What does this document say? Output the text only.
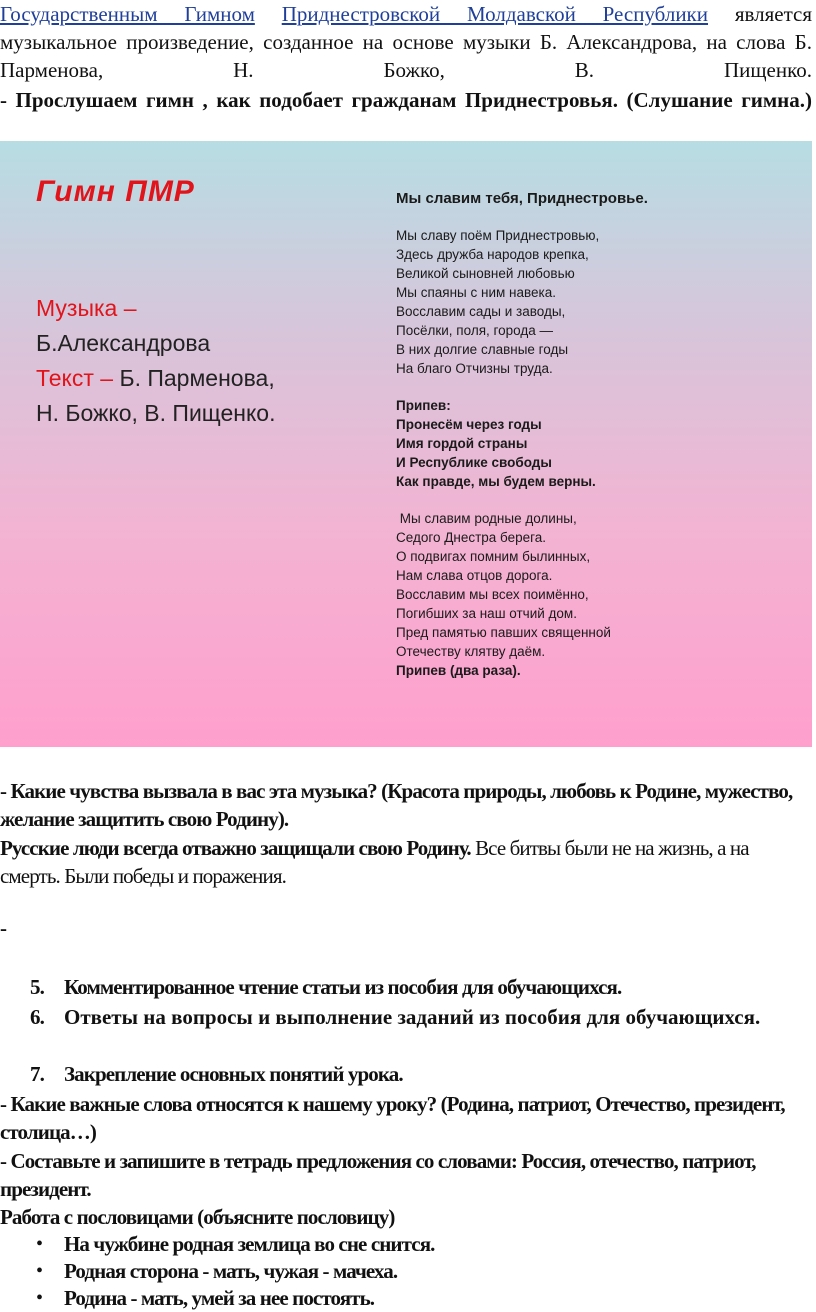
Государственным Гимном Приднестровской Молдавской Республики является музыкальное произведение, созданное на основе музыки Б. Александрова, на слова Б. Парменова, Н. Божко, В. Пищенко.
- Прослушаем гимн , как подобает гражданам Приднестровья. (Слушание гимна.)
Гимн ПМР
Музыка –
Б.Александрова
Текст – Б. Парменова,
Н. Божко, В. Пищенко.
Мы славим тебя, Приднестровье.
Мы славу поём Приднестровью,
Здесь дружба народов крепка,
Великой сыновней любовью
Мы спаяны с ним навека.
Восславим сады и заводы,
Посёлки, поля, города —
В них долгие славные годы
На благо Отчизны труда.
Припев:
Пронесём через годы
Имя гордой страны
И Республике свободы
Как правде, мы будем верны.
Мы славим родные долины,
Седого Днестра берега.
О подвигах помним былинных,
Нам слава отцов дорога.
Восславим мы всех поимённо,
Погибших за наш отчий дом.
Пред памятью павших священной
Отечеству клятву даём.
Припев (два раза).
- Какие чувства вызвала в вас эта музыка? (Красота природы, любовь к Родине, мужество, желание защитить свою Родину).
Русские люди всегда отважно защищали свою Родину. Все битвы были не на жизнь, а на смерть. Были победы и поражения.
-
5. Комментированное чтение статьи из пособия для обучающихся.
6. Ответы на вопросы и выполнение заданий из пособия для обучающихся.
7. Закрепление основных понятий урока.
- Какие важные слова относятся к нашему уроку? (Родина, патриот, Отечество, президент, столица…)
- Составьте и запишите в тетрадь предложения со словами: Россия, отечество, патриот, президент.
Работа с пословицами (объясните пословицу)
• На чужбине родная землица во сне снится.
• Родная сторона - мать, чужая - мачеха.
• Родина - мать, умей за нее постоять.
